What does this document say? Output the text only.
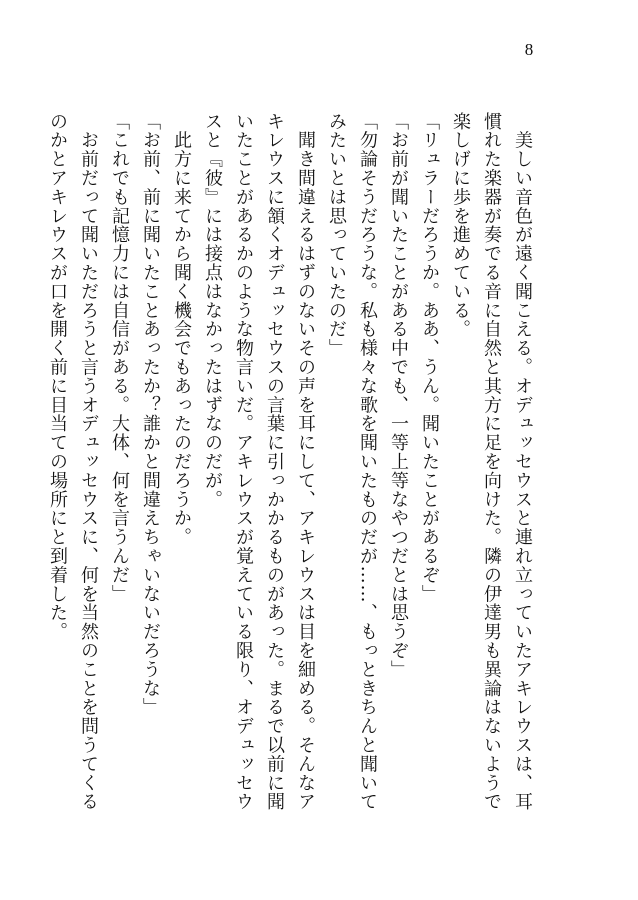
8

　美しい音色が遠く聞こえる。オデュッセウスと連れ立っていたアキレウスは、耳慣れた楽器が奏でる音に自然と其方に足を向けた。隣の伊達男も異論はないようで楽しげに歩を進めている。

「リュラーだろうか。ああ、うん。聞いたことがあるぞ」

「お前が聞いたことがある中でも、一等上等なやつだとは思うぞ」

「勿論そうだろうな。私も様々な歌を聞いたものだが……、もっときちんと聞いてみたいとは思っていたのだ」

　聞き間違えるはずのないその声を耳にして、アキレウスは目を細める。そんなアキレウスに頷くオデュッセウスの言葉に引っかかるものがあった。まるで以前に聞いたことがあるかのような物言いだ。アキレウスが覚えている限り、オデュッセウスと『彼』には接点はなかったはずなのだが。

　此方に来てから聞く機会でもあったのだろうか。

「お前、前に聞いたことあったか？誰かと間違えちゃいないだろうな」

「これでも記憶力には自信がある。大体、何を言うんだ」

　お前だって聞いただろうと言うオデュッセウスに、何を当然のことを問うてくるのかとアキレウスが口を開く前に目当ての場所にと到着した。
